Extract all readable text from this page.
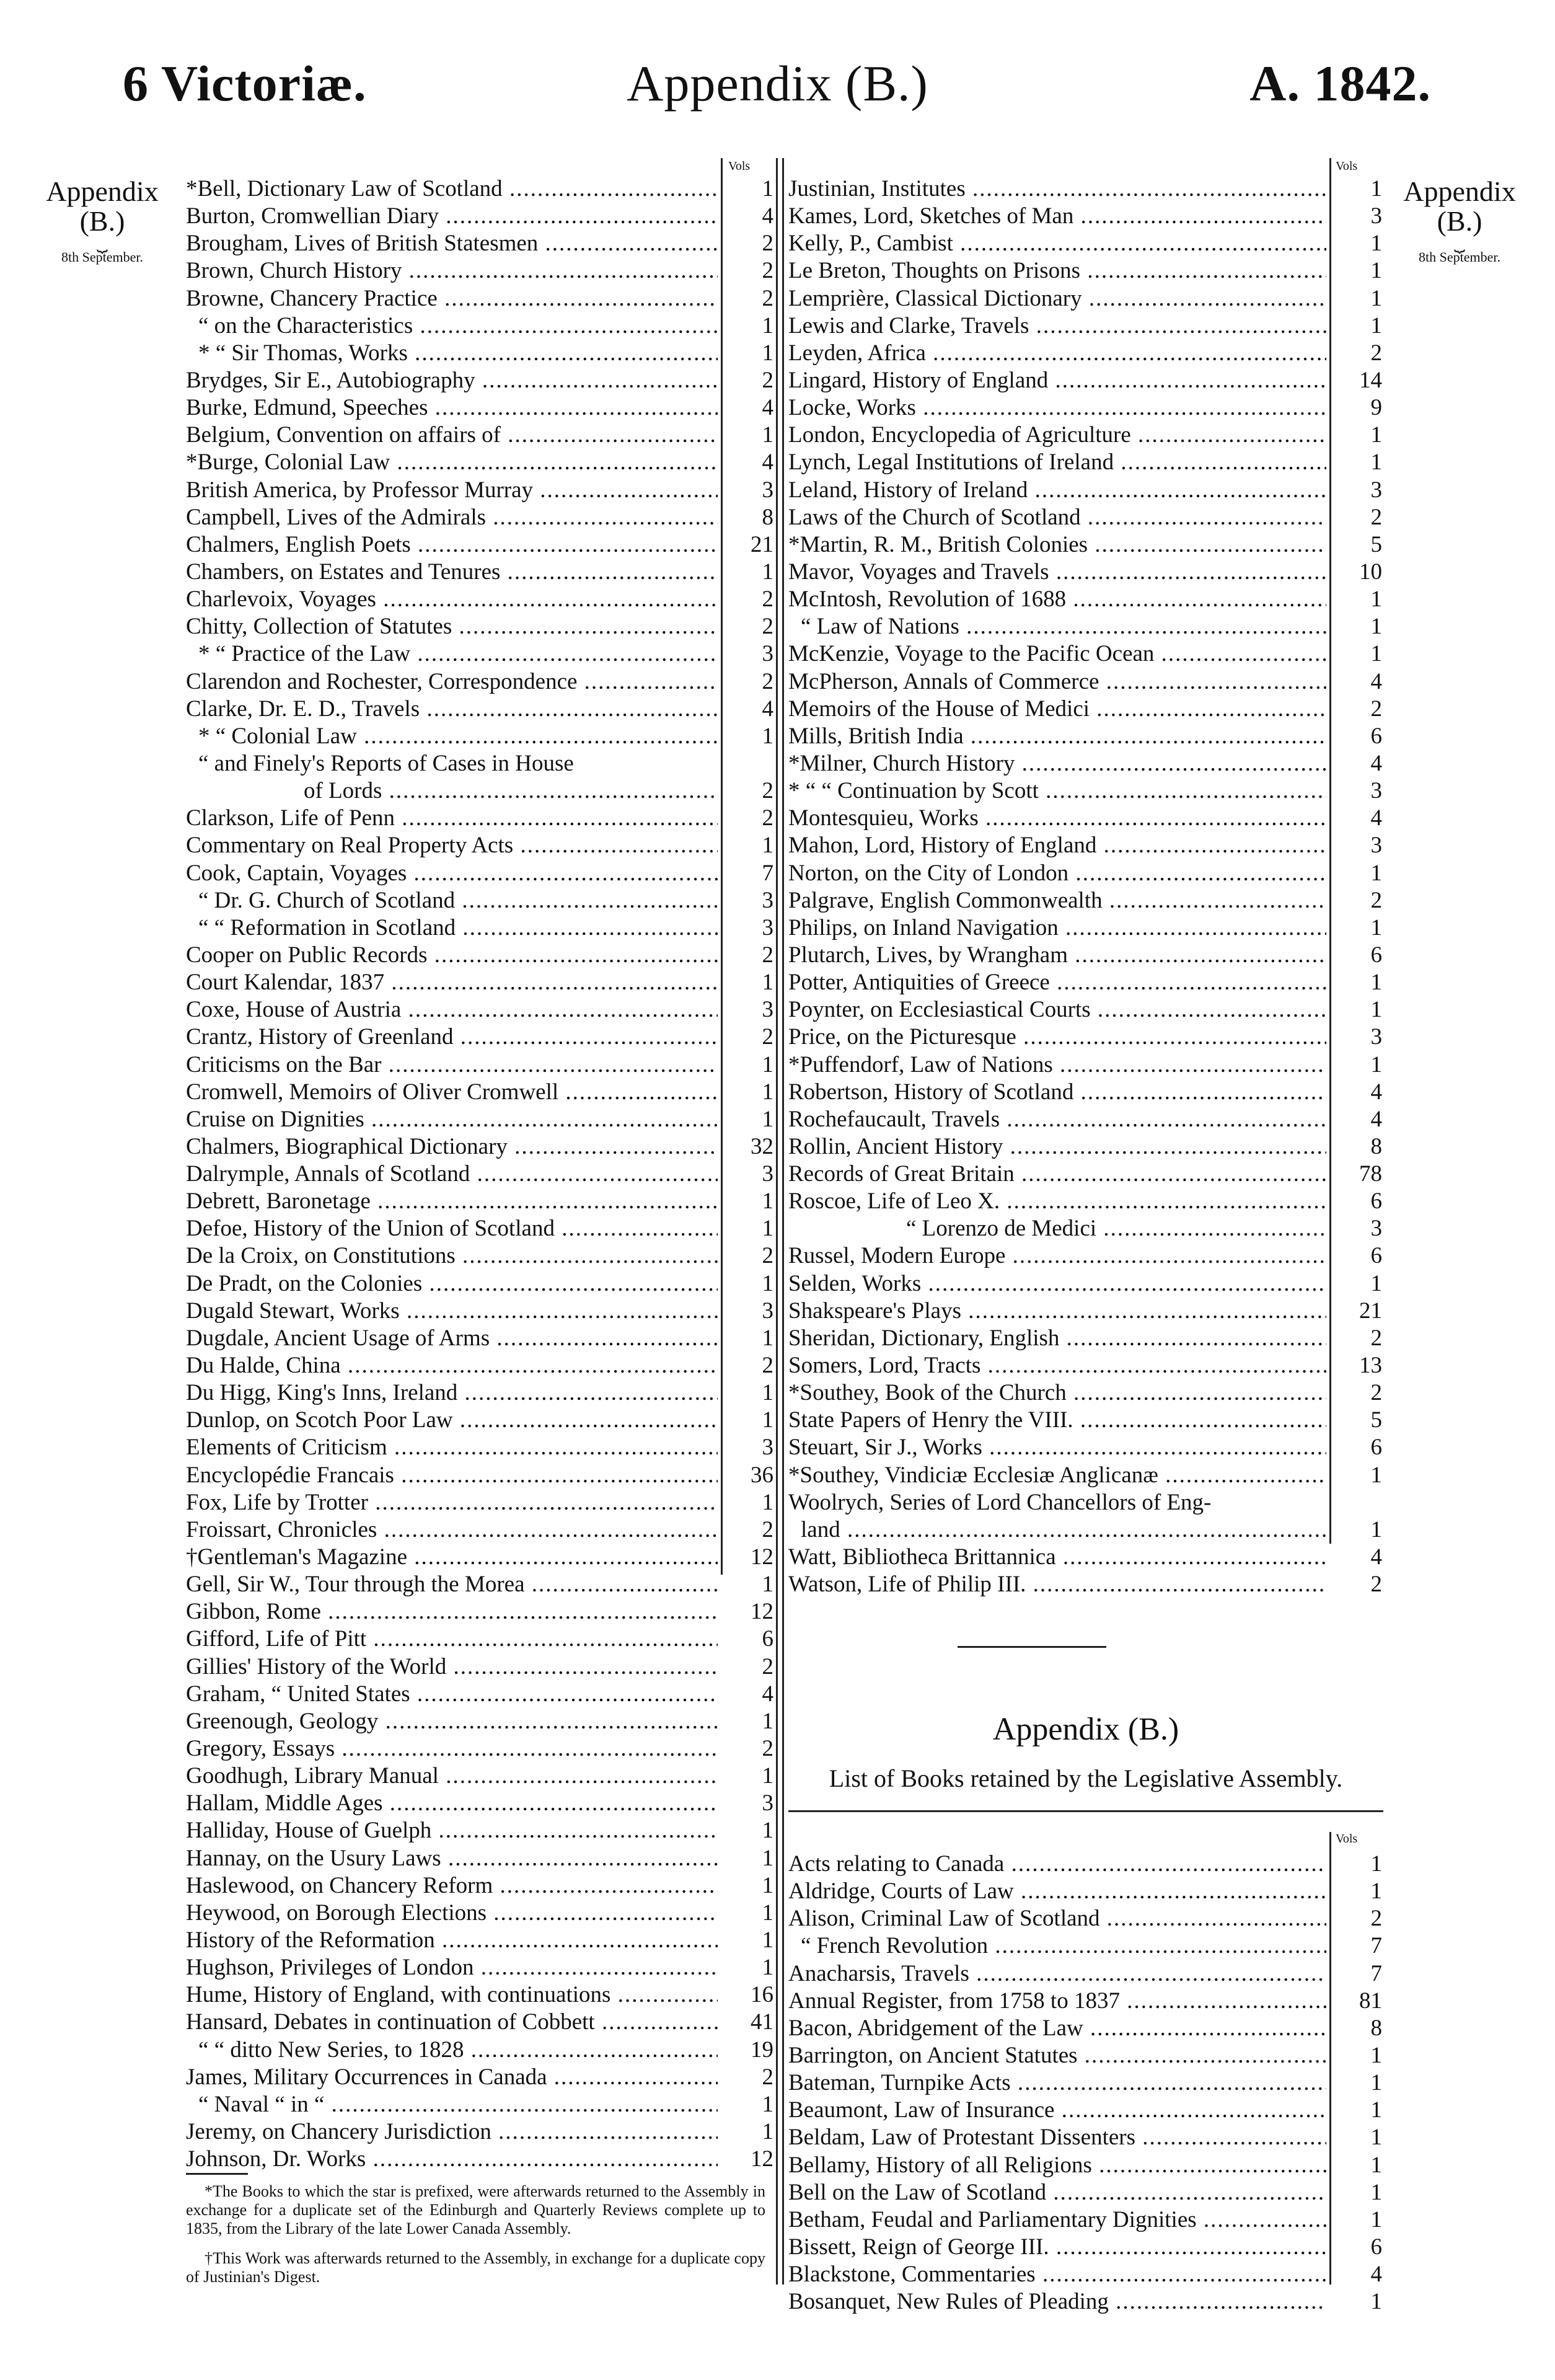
6 Victoriæ.	Appendix (B.)	A. 1842.
Appendix
(B.)
⏟
8th September.
Appendix
(B.)
⏟
8th September.
Vols	Vols
*Bell, Dictionary Law of Scotland .....	1
Burton, Cromwellian Diary .....	4
Brougham, Lives of British Statesmen .....	2
Brown, Church History .....	2
Browne, Chancery Practice .....	2
“ on the Characteristics .....	1
* “ Sir Thomas, Works .....	1
Brydges, Sir E., Autobiography .....	2
Burke, Edmund, Speeches .....	4
Belgium, Convention on affairs of .....	1
*Burge, Colonial Law .....	4
British America, by Professor Murray .....	3
Campbell, Lives of the Admirals .....	8
Chalmers, English Poets .....	21
Chambers, on Estates and Tenures .....	1
Charlevoix, Voyages .....	2
Chitty, Collection of Statutes .....	2
* “ Practice of the Law .....	3
Clarendon and Rochester, Correspondence .....	2
Clarke, Dr. E. D., Travels .....	4
* “ Colonial Law .....	1
“ and Finely's Reports of Cases in House
of Lords .....	2
Clarkson, Life of Penn .....	2
Commentary on Real Property Acts .....	1
Cook, Captain, Voyages .....	7
“ Dr. G. Church of Scotland .....	3
“ “ Reformation in Scotland .....	3
Cooper on Public Records .....	2
Court Kalendar, 1837 .....	1
Coxe, House of Austria .....	3
Crantz, History of Greenland .....	2
Criticisms on the Bar .....	1
Cromwell, Memoirs of Oliver Cromwell .....	1
Cruise on Dignities .....	1
Chalmers, Biographical Dictionary .....	32
Dalrymple, Annals of Scotland .....	3
Debrett, Baronetage .....	1
Defoe, History of the Union of Scotland .....	1
De la Croix, on Constitutions .....	2
De Pradt, on the Colonies .....	1
Dugald Stewart, Works .....	3
Dugdale, Ancient Usage of Arms .....	1
Du Halde, China .....	2
Du Higg, King's Inns, Ireland .....	1
Dunlop, on Scotch Poor Law .....	1
Elements of Criticism .....	3
Encyclopédie Francais .....	36
Fox, Life by Trotter .....	1
Froissart, Chronicles .....	2
†Gentleman's Magazine .....	12
Gell, Sir W., Tour through the Morea .....	1
Gibbon, Rome .....	12
Gifford, Life of Pitt .....	6
Gillies' History of the World .....	2
Graham, “ United States .....	4
Greenough, Geology .....	1
Gregory, Essays .....	2
Goodhugh, Library Manual .....	1
Hallam, Middle Ages .....	3
Halliday, House of Guelph .....	1
Hannay, on the Usury Laws .....	1
Haslewood, on Chancery Reform .....	1
Heywood, on Borough Elections .....	1
History of the Reformation .....	1
Hughson, Privileges of London .....	1
Hume, History of England, with continuations .....	16
Hansard, Debates in continuation of Cobbett .....	41
“ “ ditto New Series, to 1828 .....	19
James, Military Occurrences in Canada .....	2
“ Naval “ in “ .....	1
Jeremy, on Chancery Jurisdiction .....	1
Johnson, Dr. Works .....	12

*The Books to which the star is prefixed, were afterwards returned to the Assembly in exchange for a duplicate set of the Edinburgh and Quarterly Reviews complete up to 1835, from the Library of the late Lower Canada Assembly.

†This Work was afterwards returned to the Assembly, in exchange for a duplicate copy of Justinian's Digest.

Justinian, Institutes .....	1
Kames, Lord, Sketches of Man .....	3
Kelly, P., Cambist .....	1
Le Breton, Thoughts on Prisons .....	1
Lemprière, Classical Dictionary .....	1
Lewis and Clarke, Travels .....	1
Leyden, Africa .....	2
Lingard, History of England .....	14
Locke, Works .....	9
London, Encyclopedia of Agriculture .....	1
Lynch, Legal Institutions of Ireland .....	1
Leland, History of Ireland .....	3
Laws of the Church of Scotland .....	2
*Martin, R. M., British Colonies .....	5
Mavor, Voyages and Travels .....	10
McIntosh, Revolution of 1688 .....	1
“ Law of Nations .....	1
McKenzie, Voyage to the Pacific Ocean .....	1
McPherson, Annals of Commerce .....	4
Memoirs of the House of Medici .....	2
Mills, British India .....	6
*Milner, Church History .....	4
* “ “ Continuation by Scott .....	3
Montesquieu, Works .....	4
Mahon, Lord, History of England .....	3
Norton, on the City of London .....	1
Palgrave, English Commonwealth .....	2
Philips, on Inland Navigation .....	1
Plutarch, Lives, by Wrangham .....	6
Potter, Antiquities of Greece .....	1
Poynter, on Ecclesiastical Courts .....	1
Price, on the Picturesque .....	3
*Puffendorf, Law of Nations .....	1
Robertson, History of Scotland .....	4
Rochefaucault, Travels .....	4
Rollin, Ancient History .....	8
Records of Great Britain .....	78
Roscoe, Life of Leo X. .....	6
“ Lorenzo de Medici .....	3
Russel, Modern Europe .....	6
Selden, Works .....	1
Shakspeare's Plays .....	21
Sheridan, Dictionary, English .....	2
Somers, Lord, Tracts .....	13
*Southey, Book of the Church .....	2
State Papers of Henry the VIII. .....	5
Steuart, Sir J., Works .....	6
*Southey, Vindiciæ Ecclesiæ Anglicanæ .....	1
Woolrych, Series of Lord Chancellors of Eng-
land .....	1
Watt, Bibliotheca Brittannica .....	4
Watson, Life of Philip III. .....	2
Appendix (B.)
List of Books retained by the Legislative Assembly.
Vols
Acts relating to Canada .....	1
Aldridge, Courts of Law .....	1
Alison, Criminal Law of Scotland .....	2
“ French Revolution .....	7
Anacharsis, Travels .....	7
Annual Register, from 1758 to 1837 .....	81
Bacon, Abridgement of the Law .....	8
Barrington, on Ancient Statutes .....	1
Bateman, Turnpike Acts .....	1
Beaumont, Law of Insurance .....	1
Beldam, Law of Protestant Dissenters .....	1
Bellamy, History of all Religions .....	1
Bell on the Law of Scotland .....	1
Betham, Feudal and Parliamentary Dignities .....	1
Bissett, Reign of George III. .....	6
Blackstone, Commentaries .....	4
Bosanquet, New Rules of Pleading .....	1
